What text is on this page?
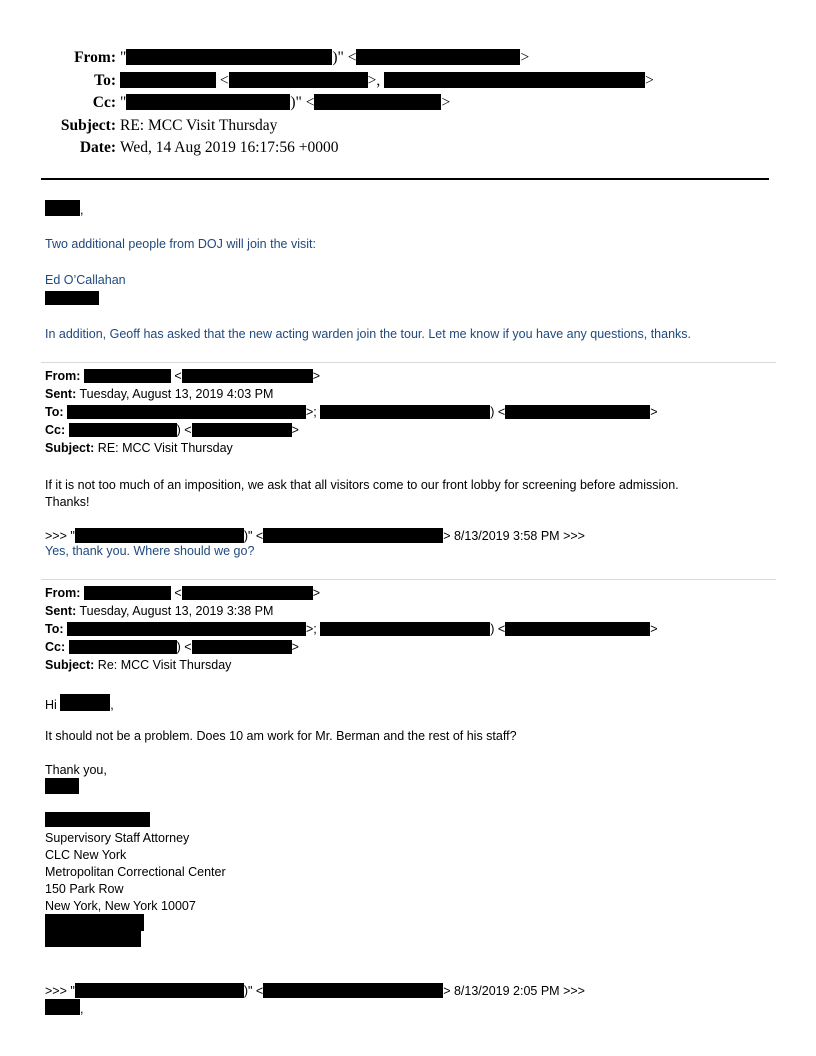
From: "	)" <	>
To:	<	>,	>
Cc: "	)" <	>
Subject: RE: MCC Visit Thursday
Date: Wed, 14 Aug 2019 16:17:56 +0000
,
Two additional people from DOJ will join the visit:
Ed O’Callahan
In addition, Geoff has asked that the new acting warden join the tour. Let me know if you have any questions, thanks.
From:	<	>
Sent: Tuesday, August 13, 2019 4:03 PM
To:	>;	) <	>
Cc:	) <	>
Subject: RE: MCC Visit Thursday
If it is not too much of an imposition, we ask that all visitors come to our front lobby for screening before admission.
Thanks!
>>> "	)" <	> 8/13/2019 3:58 PM >>>
Yes, thank you. Where should we go?
From:	<	>
Sent: Tuesday, August 13, 2019 3:38 PM
To:	>;	) <	>
Cc:	) <	>
Subject: Re: MCC Visit Thursday
Hi	,
It should not be a problem. Does 10 am work for Mr. Berman and the rest of his staff?
Thank you,
Supervisory Staff Attorney
CLC New York
Metropolitan Correctional Center
150 Park Row
New York, New York 10007
>>> "	)" <	> 8/13/2019 2:05 PM >>>
,
